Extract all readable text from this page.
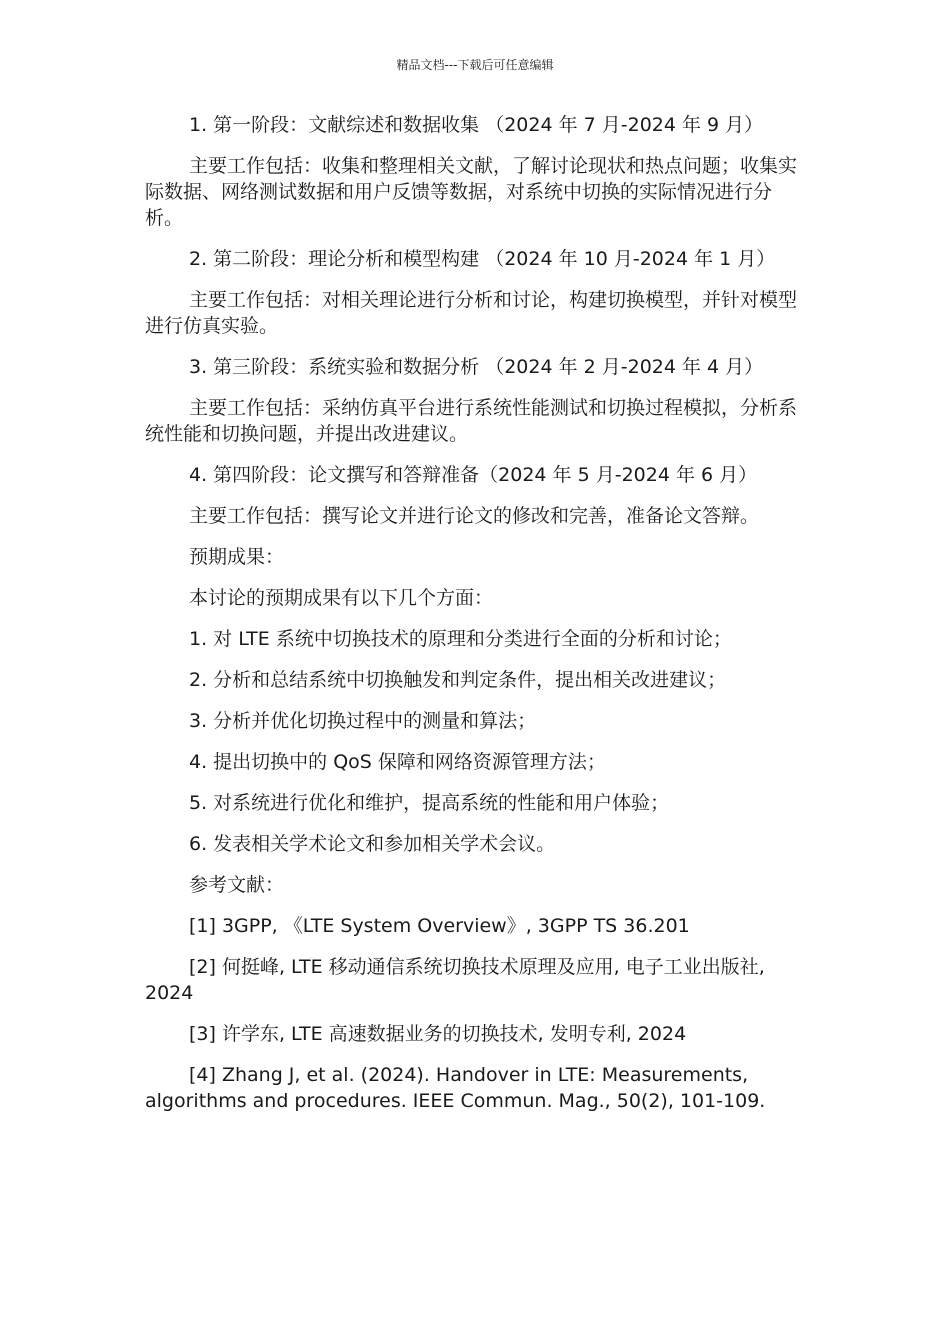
精品文档---下载后可任意编辑

1. 第一阶段：文献综述和数据收集 （2024 年 7 月-2024 年 9 月）

主要工作包括：收集和整理相关文献，了解讨论现状和热点问题；收集实际数据、网络测试数据和用户反馈等数据，对系统中切换的实际情况进行分析。

2. 第二阶段：理论分析和模型构建 （2024 年 10 月-2024 年 1 月）

主要工作包括：对相关理论进行分析和讨论，构建切换模型，并针对模型进行仿真实验。

3. 第三阶段：系统实验和数据分析 （2024 年 2 月-2024 年 4 月）

主要工作包括：采纳仿真平台进行系统性能测试和切换过程模拟，分析系统性能和切换问题，并提出改进建议。

4. 第四阶段：论文撰写和答辩准备（2024 年 5 月-2024 年 6 月）

主要工作包括：撰写论文并进行论文的修改和完善，准备论文答辩。

预期成果：

本讨论的预期成果有以下几个方面：

1. 对 LTE 系统中切换技术的原理和分类进行全面的分析和讨论；

2. 分析和总结系统中切换触发和判定条件，提出相关改进建议；

3. 分析并优化切换过程中的测量和算法；

4. 提出切换中的 QoS 保障和网络资源管理方法；

5. 对系统进行优化和维护，提高系统的性能和用户体验；

6. 发表相关学术论文和参加相关学术会议。

参考文献：

[1] 3GPP, 《LTE System Overview》, 3GPP TS 36.201

[2] 何挺峰, LTE 移动通信系统切换技术原理及应用, 电子工业出版社, 2024

[3] 许学东, LTE 高速数据业务的切换技术, 发明专利, 2024

[4] Zhang J, et al. (2024). Handover in LTE: Measurements, algorithms and procedures. IEEE Commun. Mag., 50(2), 101-109.
